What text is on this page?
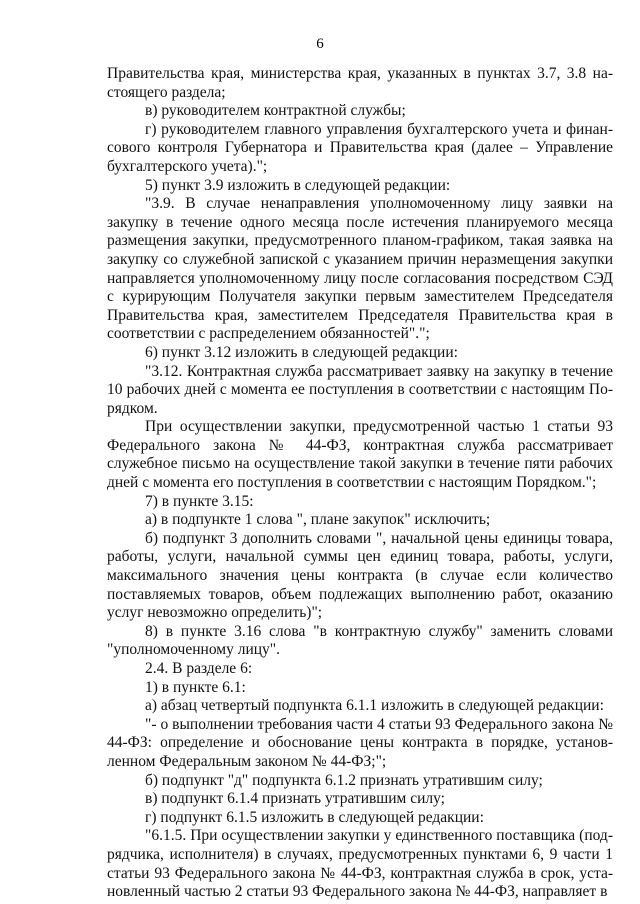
6

Правительства края, министерства края, указанных в пунктах 3.7, 3.8 настоящего раздела;

в) руководителем контрактной службы;

г) руководителем главного управления бухгалтерского учета и финансового контроля Губернатора и Правительства края (далее – Управление бухгалтерского учета).";

5) пункт 3.9 изложить в следующей редакции:

"3.9. В случае ненаправления уполномоченному лицу заявки на закупку в течение одного месяца после истечения планируемого месяца размещения закупки, предусмотренного планом-графиком, такая заявка на закупку со служебной запиской с указанием причин неразмещения закупки направляется уполномоченному лицу после согласования посредством СЭД с курирующим Получателя закупки первым заместителем Председателя Правительства края, заместителем Председателя Правительства края в соответствии с распределением обязанностей".";

6) пункт 3.12 изложить в следующей редакции:

"3.12. Контрактная служба рассматривает заявку на закупку в течение 10 рабочих дней с момента ее поступления в соответствии с настоящим Порядком.

При осуществлении закупки, предусмотренной частью 1 статьи 93 Федерального закона № 44-ФЗ, контрактная служба рассматривает служебное письмо на осуществление такой закупки в течение пяти рабочих дней с момента его поступления в соответствии с настоящим Порядком.";

7) в пункте 3.15:

а) в подпункте 1 слова ", плане закупок" исключить;

б) подпункт 3 дополнить словами ", начальной цены единицы товара, работы, услуги, начальной суммы цен единиц товара, работы, услуги, максимального значения цены контракта (в случае если количество поставляемых товаров, объем подлежащих выполнению работ, оказанию услуг невозможно определить)";

8) в пункте 3.16 слова "в контрактную службу" заменить словами "уполномоченному лицу".

2.4. В разделе 6:

1) в пункте 6.1:

а) абзац четвертый подпункта 6.1.1 изложить в следующей редакции:

"- о выполнении требования части 4 статьи 93 Федерального закона № 44-ФЗ: определение и обоснование цены контракта в порядке, установленном Федеральным законом № 44-ФЗ;";

б) подпункт "д" подпункта 6.1.2 признать утратившим силу;

в) подпункт 6.1.4 признать утратившим силу;

г) подпункт 6.1.5 изложить в следующей редакции:

"6.1.5. При осуществлении закупки у единственного поставщика (подрядчика, исполнителя) в случаях, предусмотренных пунктами 6, 9 части 1 статьи 93 Федерального закона № 44-ФЗ, контрактная служба в срок, установленный частью 2 статьи 93 Федерального закона № 44-ФЗ, направляет в
